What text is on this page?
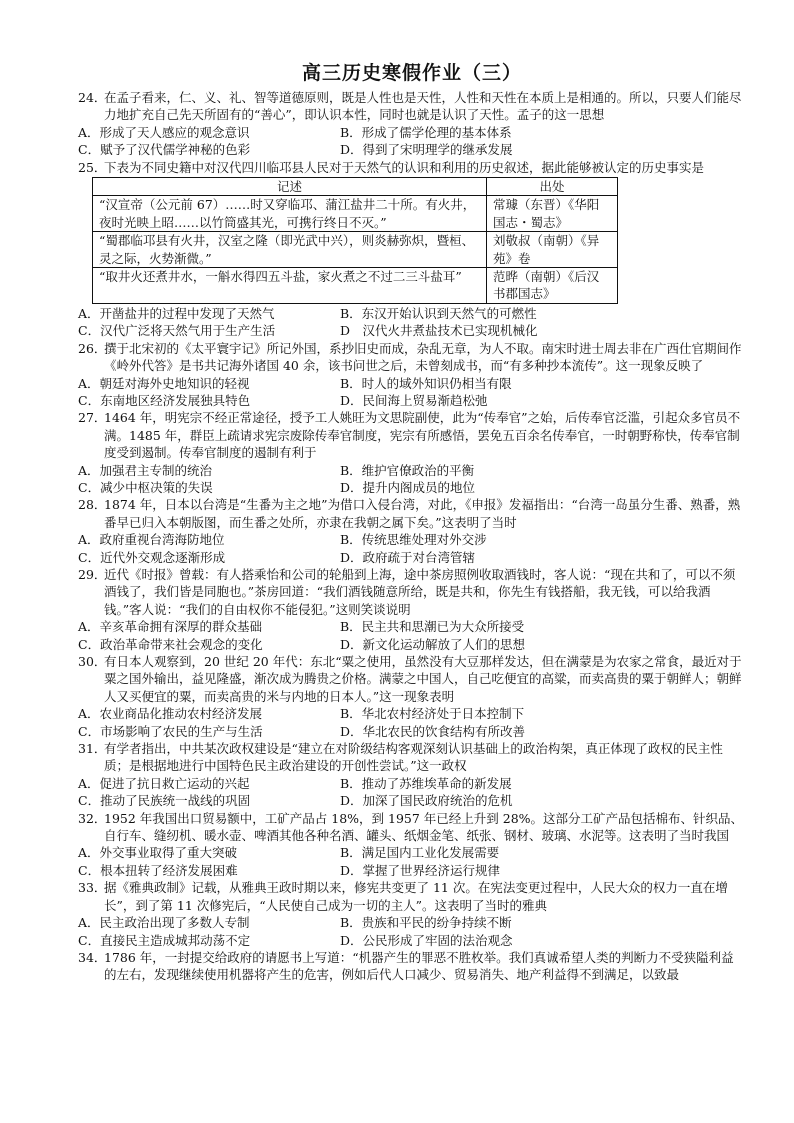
高三历史寒假作业（三）
24．在孟子看来，仁、义、礼、智等道德原则，既是人性也是天性，人性和天性在本质上是相通的。所以，只要人们能尽力地扩充自己先天所固有的“善心”，即认识本性，同时也就是认识了天性。孟子的这一思想
A．形成了天人感应的观念意识	B．形成了儒学伦理的基本体系
C．赋予了汉代儒学神秘的色彩	D．得到了宋明理学的继承发展
25．下表为不同史籍中对汉代四川临邛县人民对于天然气的认识和利用的历史叙述，据此能够被认定的历史事实是
记述	出处
“汉宣帝（公元前 67）……时又穿临邛、蒲江盐井二十所。有火井，夜时光映上昭……以竹筒盛其光，可携行终日不灭。”	常璩（东晋）《华阳国志・蜀志》
“蜀郡临邛县有火井，汉室之隆（即光武中兴），则炎赫弥炽，暨桓、灵之际，火势渐微。”	刘敬叔（南朝）《异苑》卷
“取井火还煮井水，一斛水得四五斗盐，家火煮之不过二三斗盐耳”	范晔（南朝）《后汉书郡国志》
A．开凿盐井的过程中发现了天然气	B．东汉开始认识到天然气的可燃性
C．汉代广泛将天然气用于生产生活	D　汉代火井煮盐技术已实现机械化
26．撰于北宋初的《太平寰宇记》所记外国，系抄旧史而成，杂乱无章，为人不取。南宋时进士周去非在广西仕官期间作《岭外代答》是书共记海外诸国 40 余，该书问世之后，未曾刻成书，而“有多种抄本流传”。这一现象反映了
A．朝廷对海外史地知识的轻视	B．时人的域外知识仍相当有限
C．东南地区经济发展独具特色	D．民间海上贸易渐趋松弛
27．1464 年，明宪宗不经正常途径，授予工人姚旺为文思院副使，此为“传奉官”之始，后传奉官泛滥，引起众多官员不满。1485 年，群臣上疏请求宪宗废除传奉官制度，宪宗有所感悟，罢免五百余名传奉官，一时朝野称快，传奉官制度受到遏制。传奉官制度的遏制有利于
A．加强君主专制的统治	B．维护官僚政治的平衡
C．减少中枢决策的失误	D．提升内阁成员的地位
28．1874 年，日本以台湾是“生番为主之地”为借口入侵台湾，对此，《申报》发福指出：“台湾一岛虽分生番、熟番，熟番早已归入本朝版图，而生番之处所，亦隶在我朝之属下矣。”这表明了当时
A．政府重视台湾海防地位	B．传统思维处理对外交涉
C．近代外交观念逐渐形成	D．政府疏于对台湾管辖
29．近代《时报》曾载：有人搭乘怡和公司的轮船到上海，途中茶房照例收取酒钱时，客人说：“现在共和了，可以不须酒钱了，我们皆是同胞也。”茶房回道：“我们酒钱随意所给，既是共和，你先生有钱搭船，我无钱，可以给我酒钱。”客人说：“我们的自由权你不能侵犯。”这则笑谈说明
A．辛亥革命拥有深厚的群众基础	B．民主共和思潮已为大众所接受
C．政治革命带来社会观念的变化	D．新文化运动解放了人们的思想
30．有日本人观察到，20 世纪 20 年代：东北“粟之使用，虽然没有大豆那样发达，但在满蒙是为农家之常食，最近对于粟之国外输出，益见隆盛，渐次成为腾贵之价格。满蒙之中国人，自己吃便宜的高粱，而卖高贵的粟于朝鲜人；朝鲜人又买便宜的粟，而卖高贵的米与内地的日本人。”这一现象表明
A．农业商品化推动农村经济发展	B．华北农村经济处于日本控制下
C．市场影响了农民的生产与生活	D．华北农民的饮食结构有所改善
31．有学者指出，中共某次政权建设是“建立在对阶级结构客观深刻认识基础上的政治构架，真正体现了政权的民主性质；是根据地进行中国特色民主政治建设的开创性尝试。”这一政权
A．促进了抗日救亡运动的兴起	B．推动了苏维埃革命的新发展
C．推动了民族统一战线的巩固	D．加深了国民政府统治的危机
32．1952 年我国出口贸易额中，工矿产品占 18%，到 1957 年已经上升到 28%。这部分工矿产品包括棉布、针织品、自行车、缝纫机、暖水壶、啤酒其他各种名酒、罐头、纸烟金笔、纸张、钢材、玻璃、水泥等。这表明了当时我国
A．外交事业取得了重大突破	B．满足国内工业化发展需要
C．根本扭转了经济发展困难	D．掌握了世界经济运行规律
33．据《雅典政制》记载，从雅典王政时期以来，修宪共变更了 11 次。在宪法变更过程中，人民大众的权力一直在增长”，到了第 11 次修宪后，“人民使自己成为一切的主人”。这表明了当时的雅典
A．民主政治出现了多数人专制	B．贵族和平民的纷争持续不断
C．直接民主造成城邦动荡不定	D．公民形成了牢固的法治观念
34．1786 年，一封提交给政府的请愿书上写道：“机器产生的罪恶不胜枚举。我们真诚希望人类的判断力不受狭隘利益的左右，发现继续使用机器将产生的危害，例如后代人口减少、贸易消失、地产利益得不到满足，以致最
